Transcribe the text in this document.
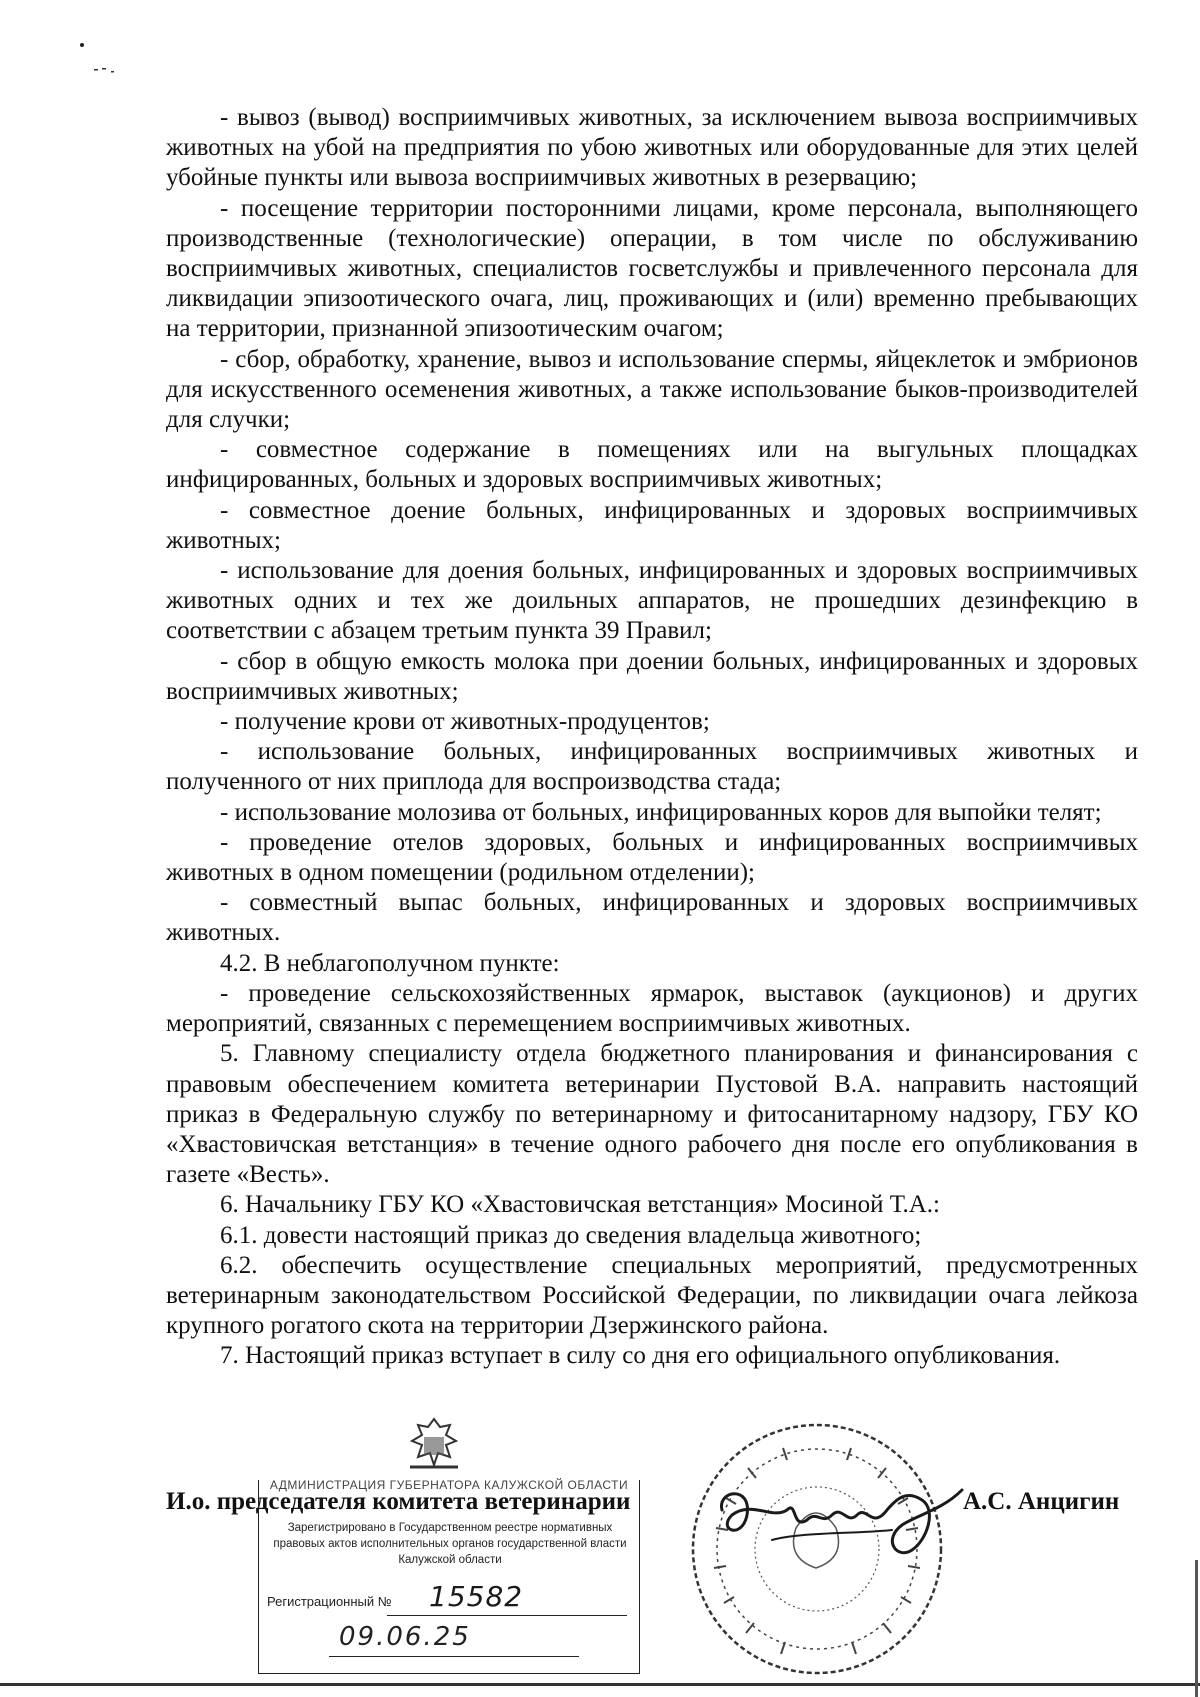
- вывоз (вывод) восприимчивых животных, за исключением вывоза восприимчивых животных на убой на предприятия по убою животных или оборудованные для этих целей убойные пункты или вывоза восприимчивых животных в резервацию;

- посещение территории посторонними лицами, кроме персонала, выполняющего производственные (технологические) операции, в том числе по обслуживанию восприимчивых животных, специалистов госветслужбы и привлеченного персонала для ликвидации эпизоотического очага, лиц, проживающих и (или) временно пребывающих на территории, признанной эпизоотическим очагом;

- сбор, обработку, хранение, вывоз и использование спермы, яйцеклеток и эмбрионов для искусственного осеменения животных, а также использование быков-производителей для случки;

- совместное содержание в помещениях или на выгульных площадках инфицированных, больных и здоровых восприимчивых животных;

- совместное доение больных, инфицированных и здоровых восприимчивых животных;

- использование для доения больных, инфицированных и здоровых восприимчивых животных одних и тех же доильных аппаратов, не прошедших дезинфекцию в соответствии с абзацем третьим пункта 39 Правил;

- сбор в общую емкость молока при доении больных, инфицированных и здоровых восприимчивых животных;

- получение крови от животных-продуцентов;

- использование больных, инфицированных восприимчивых животных и полученного от них приплода для воспроизводства стада;

- использование молозива от больных, инфицированных коров для выпойки телят;

- проведение отелов здоровых, больных и инфицированных восприимчивых животных в одном помещении (родильном отделении);

- совместный выпас больных, инфицированных и здоровых восприимчивых животных.

4.2. В неблагополучном пункте:

- проведение сельскохозяйственных ярмарок, выставок (аукционов) и других мероприятий, связанных с перемещением восприимчивых животных.

5. Главному специалисту отдела бюджетного планирования и финансирования с правовым обеспечением комитета ветеринарии Пустовой В.А. направить настоящий приказ в Федеральную службу по ветеринарному и фитосанитарному надзору, ГБУ КО «Хвастовичская ветстанция» в течение одного рабочего дня после его опубликования в газете «Весть».

6. Начальнику ГБУ КО «Хвастовичская ветстанция» Мосиной Т.А.:

6.1. довести настоящий приказ до сведения владельца животного;

6.2. обеспечить осуществление специальных мероприятий, предусмотренных ветеринарным законодательством Российской Федерации, по ликвидации очага лейкоза крупного рогатого скота на территории Дзержинского района.

7. Настоящий приказ вступает в силу со дня его официального опубликования.

И.о. председателя комитета ветеринарии	А.С. Анцигин
АДМИНИСТРАЦИЯ ГУБЕРНАТОРА КАЛУЖСКОЙ ОБЛАСТИ
Зарегистрировано в Государственном реестре нормативных правовых актов исполнительных органов государственной власти Калужской области
Регистрационный № 15582
09.06.25
